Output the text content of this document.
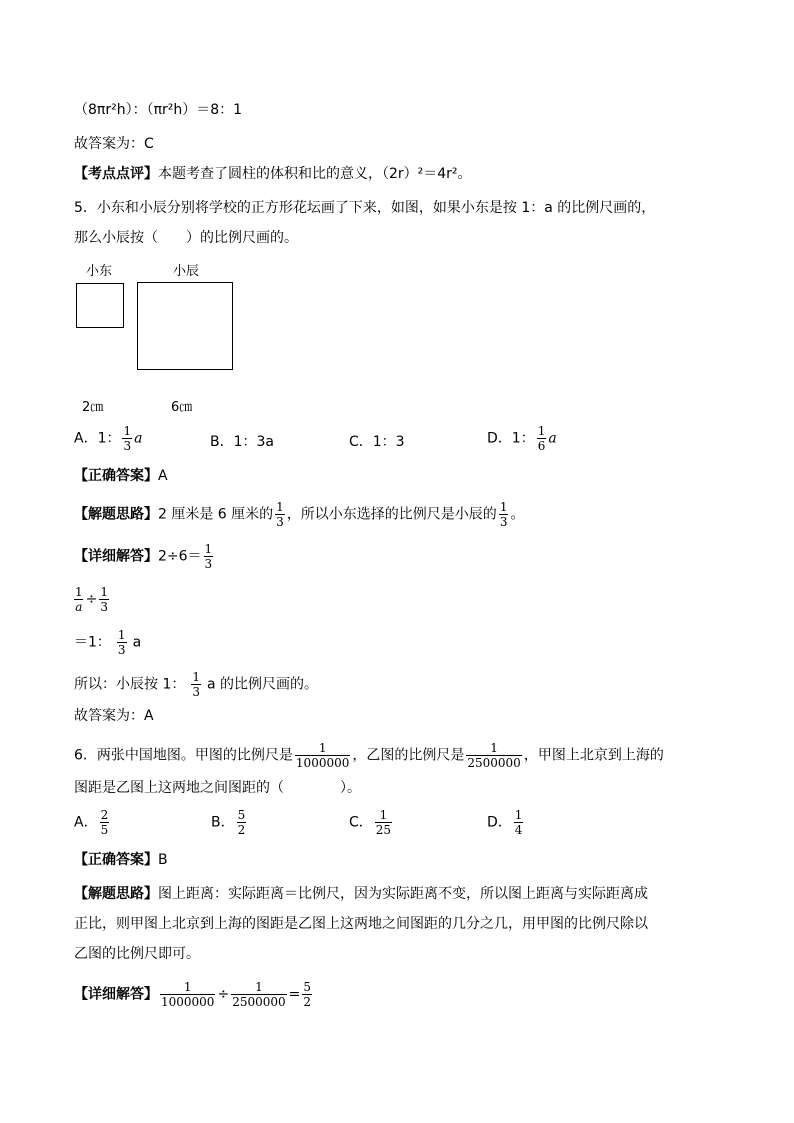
（8πr²h）：（πr²h）＝8：1
故答案为：C
【考点点评】本题考查了圆柱的体积和比的意义，（2r）²＝4r²。
5．小东和小辰分别将学校的正方形花坛画了下来，如图，如果小东是按 1：a 的比例尺画的，
那么小辰按（　　）的比例尺画的。
小东	小辰
2㎝	6㎝
A．1： $\frac{1}{3}$ a	B．1：3a	C．1：3	D．1： $\frac{1}{6}$ a
【正确答案】A
【解题思路】2 厘米是 6 厘米的 $\frac{1}{3}$ ，所以小东选择的比例尺是小辰的 $\frac{1}{3}$ 。
【详细解答】$2\div 6= \frac{1}{3}$
$\frac{1}{a} \div \frac{1}{3}$
＝1： $\frac{1}{3}$ a
所以：小辰按 1： $\frac{1}{3}$ a 的比例尺画的。
故答案为：A
6．两张中国地图。甲图的比例尺是 $\frac{1}{1000000}$ ，乙图的比例尺是 $\frac{1}{2500000}$ ，甲图上北京到上海的
图距是乙图上这两地之间图距的（　　　　）。
A． $\frac{2}{5}$	B． $\frac{5}{2}$	C． $\frac{1}{25}$	D． $\frac{1}{4}$
【正确答案】B
【解题思路】图上距离：实际距离＝比例尺，因为实际距离不变，所以图上距离与实际距离成
正比，则甲图上北京到上海的图距是乙图上这两地之间图距的几分之几，用甲图的比例尺除以
乙图的比例尺即可。
【详细解答】 $\frac{1}{1000000} \div \frac{1}{2500000} = \frac{5}{2}$
